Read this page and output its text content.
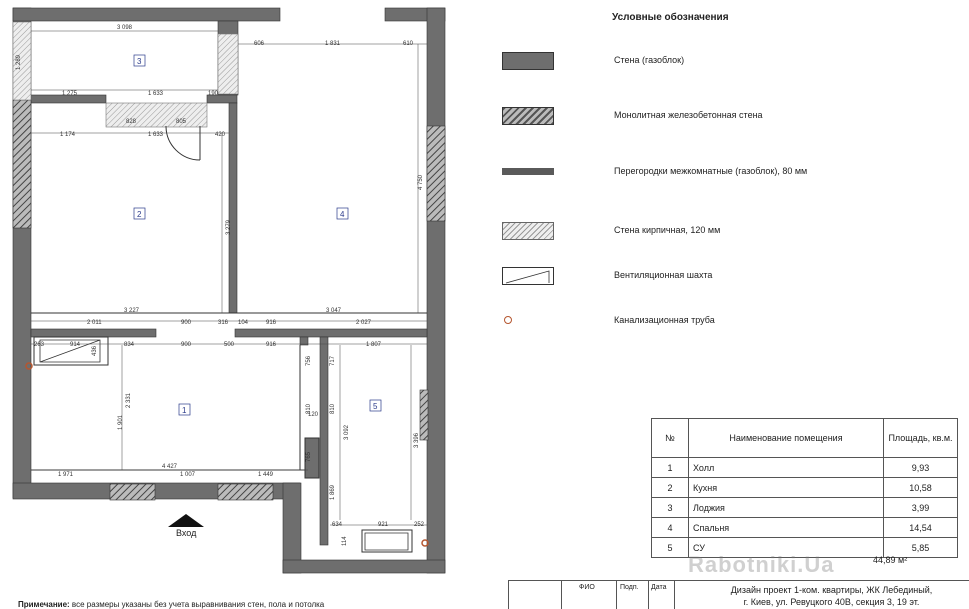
3 098
1 289
1 275	1 633	190
828	805
1 174	1 633	420
606	1 831	610
4 750
3 279
3 227	3 047
2 011	900	316 104	916	2 027
263	914	834
436
900	500	916	1 807
756	717
810
120
810
765
1 901
2 331
3 092
3 396
4 427
1 971	1 007	1 449
1 869
634	921	252
114
3
2	4
1	5
Вход
Условные обозначения
Стена (газоблок)
Монолитная железобетонная стена
Перегородки межкомнатные (газоблок), 80 мм
Стена кирпичная, 120 мм
Вентиляционная шахта
Канализационная труба
№	Наименование помещения	Площадь, кв.м.
1	Холл	9,93
2	Кухня	10,58
3	Лоджия	3,99
4	Спальня	14,54
5	СУ	5,85
44,89 м²
Rabotniki.Ua
ФИО	Подп. Дата	Дизайн проект 1-ком. квартиры, ЖК Лебединый,
г. Киев, ул. Ревуцкого 40В, секция 3, 19 эт.
Примечание: все размеры указаны без учета выравнивания стен, пола и потолка
